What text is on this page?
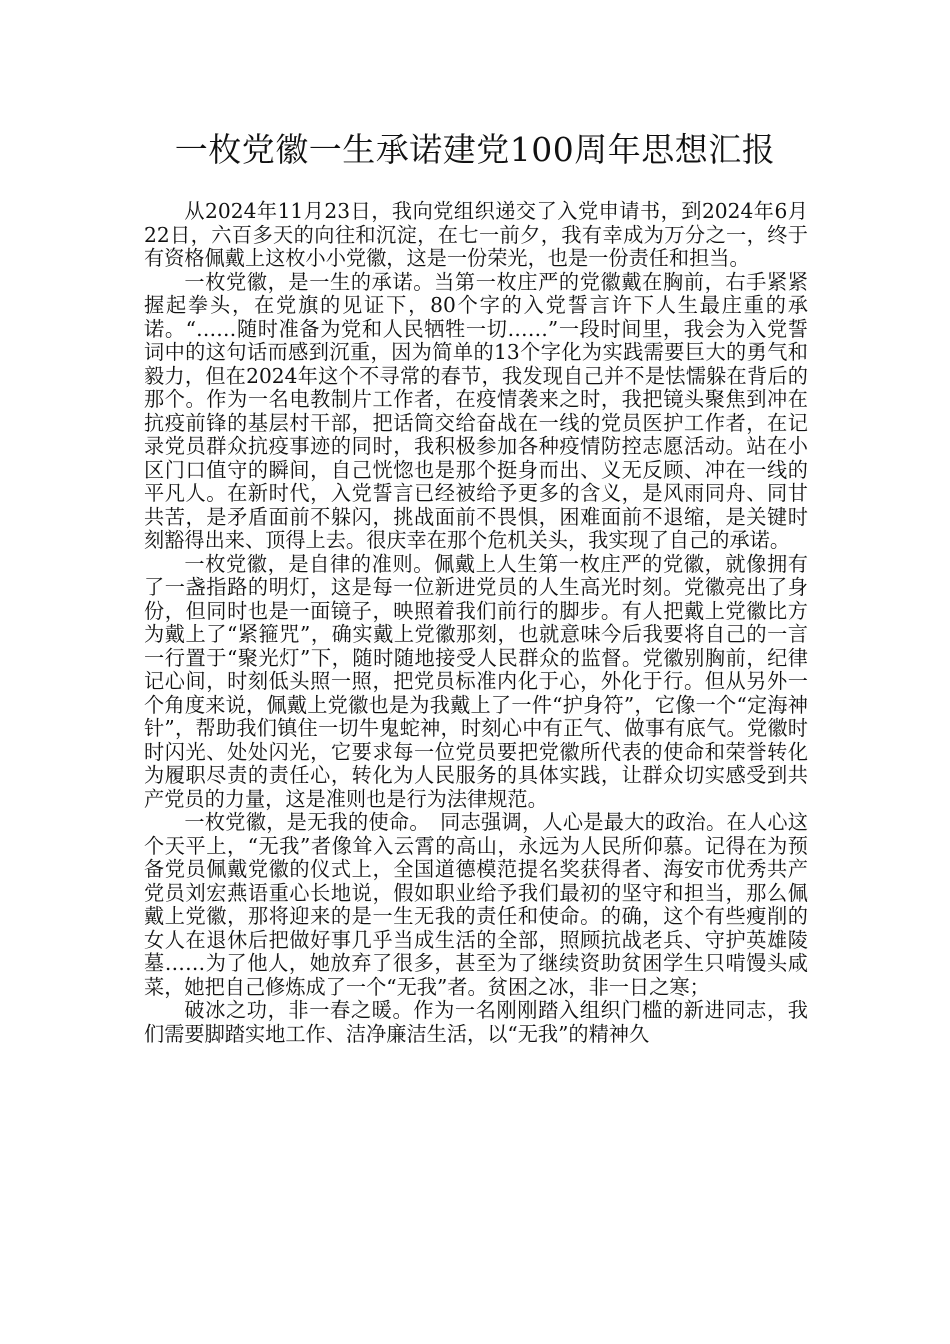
一枚党徽一生承诺建党100周年思想汇报

从2024年11月23日，我向党组织递交了入党申请书，到2024年6月22日，六百多天的向往和沉淀，在七一前夕，我有幸成为万分之一，终于有资格佩戴上这枚小小党徽，这是一份荣光，也是一份责任和担当。

一枚党徽，是一生的承诺。当第一枚庄严的党徽戴在胸前，右手紧紧握起拳头，在党旗的见证下，80个字的入党誓言许下人生最庄重的承诺。“……随时准备为党和人民牺牲一切……”一段时间里，我会为入党誓词中的这句话而感到沉重，因为简单的13个字化为实践需要巨大的勇气和毅力，但在2024年这个不寻常的春节，我发现自己并不是怯懦躲在背后的那个。作为一名电教制片工作者，在疫情袭来之时，我把镜头聚焦到冲在抗疫前锋的基层村干部，把话筒交给奋战在一线的党员医护工作者，在记录党员群众抗疫事迹的同时，我积极参加各种疫情防控志愿活动。站在小区门口值守的瞬间，自己恍惚也是那个挺身而出、义无反顾、冲在一线的平凡人。在新时代，入党誓言已经被给予更多的含义，是风雨同舟、同甘共苦，是矛盾面前不躲闪，挑战面前不畏惧，困难面前不退缩，是关键时刻豁得出来、顶得上去。很庆幸在那个危机关头，我实现了自己的承诺。

一枚党徽，是自律的准则。佩戴上人生第一枚庄严的党徽，就像拥有了一盏指路的明灯，这是每一位新进党员的人生高光时刻。党徽亮出了身份，但同时也是一面镜子，映照着我们前行的脚步。有人把戴上党徽比方为戴上了“紧箍咒”，确实戴上党徽那刻，也就意味今后我要将自己的一言一行置于“聚光灯”下，随时随地接受人民群众的监督。党徽别胸前，纪律记心间，时刻低头照一照，把党员标准内化于心，外化于行。但从另外一个角度来说，佩戴上党徽也是为我戴上了一件“护身符”，它像一个“定海神针”，帮助我们镇住一切牛鬼蛇神，时刻心中有正气、做事有底气。党徽时时闪光、处处闪光，它要求每一位党员要把党徽所代表的使命和荣誉转化为履职尽责的责任心，转化为人民服务的具体实践，让群众切实感受到共产党员的力量，这是准则也是行为法律规范。

一枚党徽，是无我的使命。　同志强调，人心是最大的政治。在人心这个天平上，“无我”者像耸入云霄的高山，永远为人民所仰慕。记得在为预备党员佩戴党徽的仪式上，全国道德模范提名奖获得者、海安市优秀共产党员刘宏燕语重心长地说，假如职业给予我们最初的坚守和担当，那么佩戴上党徽，那将迎来的是一生无我的责任和使命。的确，这个有些瘦削的女人在退休后把做好事几乎当成生活的全部，照顾抗战老兵、守护英雄陵墓……为了他人，她放弃了很多，甚至为了继续资助贫困学生只啃馒头咸菜，她把自己修炼成了一个“无我”者。贫困之冰，非一日之寒；

破冰之功，非一春之暖。作为一名刚刚踏入组织门槛的新进同志，我们需要脚踏实地工作、洁净廉洁生活，以“无我”的精神久
